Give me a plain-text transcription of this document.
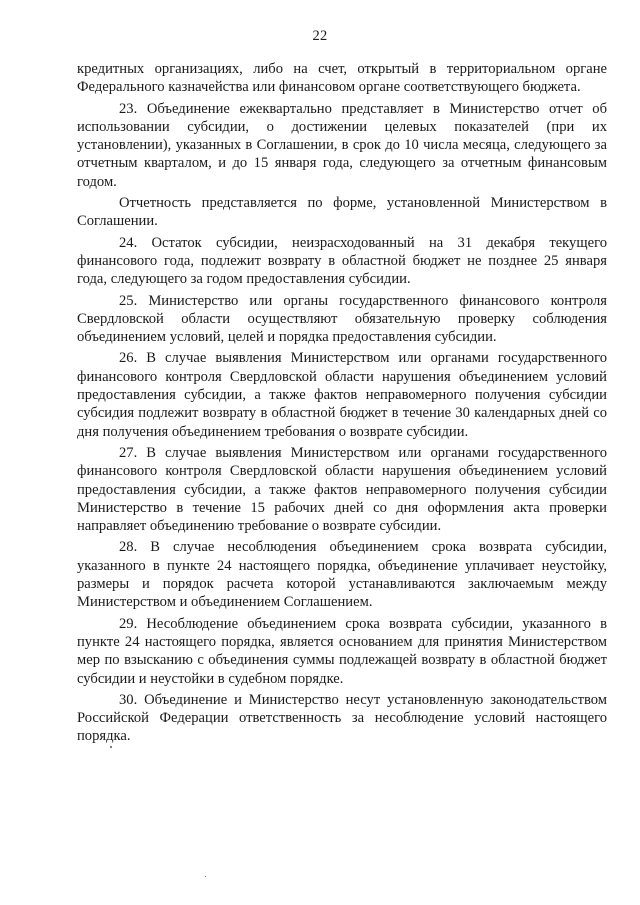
22

кредитных организациях, либо на счет, открытый в территориальном органе Федерального казначейства или финансовом органе соответствующего бюджета.

23. Объединение ежеквартально представляет в Министерство отчет об использовании субсидии, о достижении целевых показателей (при их установлении), указанных в Соглашении, в срок до 10 числа месяца, следующего за отчетным кварталом, и до 15 января года, следующего за отчетным финансовым годом.

Отчетность представляется по форме, установленной Министерством в Соглашении.

24. Остаток субсидии, неизрасходованный на 31 декабря текущего финансового года, подлежит возврату в областной бюджет не позднее 25 января года, следующего за годом предоставления субсидии.

25. Министерство или органы государственного финансового контроля Свердловской области осуществляют обязательную проверку соблюдения объединением условий, целей и порядка предоставления субсидии.

26. В случае выявления Министерством или органами государственного финансового контроля Свердловской области нарушения объединением условий предоставления субсидии, а также фактов неправомерного получения субсидии субсидия подлежит возврату в областной бюджет в течение 30 календарных дней со дня получения объединением требования о возврате субсидии.

27. В случае выявления Министерством или органами государственного финансового контроля Свердловской области нарушения объединением условий предоставления субсидии, а также фактов неправомерного получения субсидии Министерство в течение 15 рабочих дней со дня оформления акта проверки направляет объединению требование о возврате субсидии.

28. В случае несоблюдения объединением срока возврата субсидии, указанного в пункте 24 настоящего порядка, объединение уплачивает неустойку, размеры и порядок расчета которой устанавливаются заключаемым между Министерством и объединением Соглашением.

29. Несоблюдение объединением срока возврата субсидии, указанного в пункте 24 настоящего порядка, является основанием для принятия Министерством мер по взысканию с объединения суммы подлежащей возврату в областной бюджет субсидии и неустойки в судебном порядке.

30. Объединение и Министерство несут установленную законодательством Российской Федерации ответственность за несоблюдение условий настоящего порядка.
